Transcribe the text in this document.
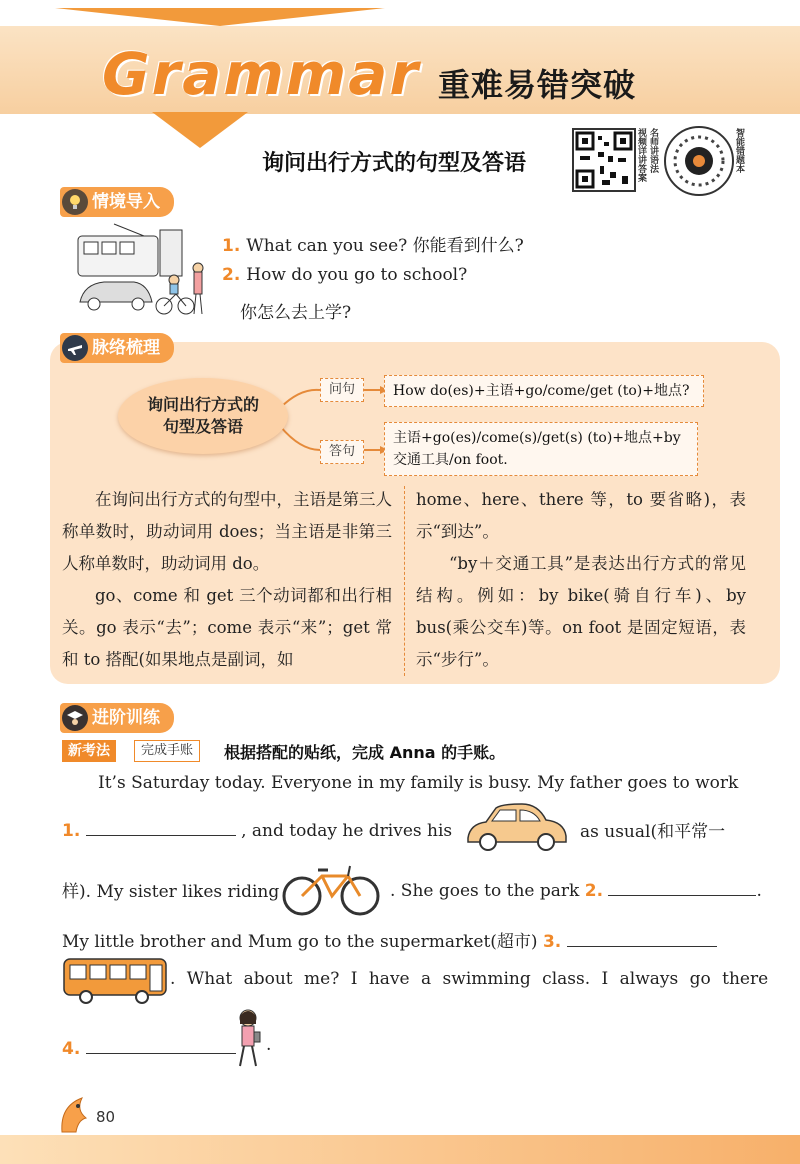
Grammar 重难易错突破
询问出行方式的句型及答语	视频详讲答案 名师讲语法	智能错题本
情境导入
1. What can you see? 你能看到什么?
2. How do you go to school?
你怎么去上学?
脉络梳理
询问出行方式的
句型及答语
问句	How do(es)+主语+go/come/get (to)+地点?
答句
主语+go(es)/come(s)/get(s) (to)+地点+by
交通工具/on foot.

在询问出行方式的句型中，主语是第三人称单数时，助动词用 does；当主语是非第三人称单数时，助动词用 do。

go、come 和 get 三个动词都和出行相关。go 表示“去”；come 表示“来”；get 常和 to 搭配(如果地点是副词，如

home、here、there 等，to 要省略)，表示“到达”。

“by＋交通工具”是表达出行方式的常见结构。例如：by bike(骑自行车)、by bus(乘公交车)等。on foot 是固定短语，表示“步行”。

进阶训练
新考法	完成手账	根据搭配的贴纸，完成 Anna 的手账。
It’s Saturday today. Everyone in my family is busy. My father goes to work
1.	, and today he drives his	as usual(和平常一
样). My sister likes riding	. She goes to the park 2.	.
My little brother and Mum go to the supermarket(超市) 3.
. What about me? I have a swimming class. I always go there
4.	.
80
